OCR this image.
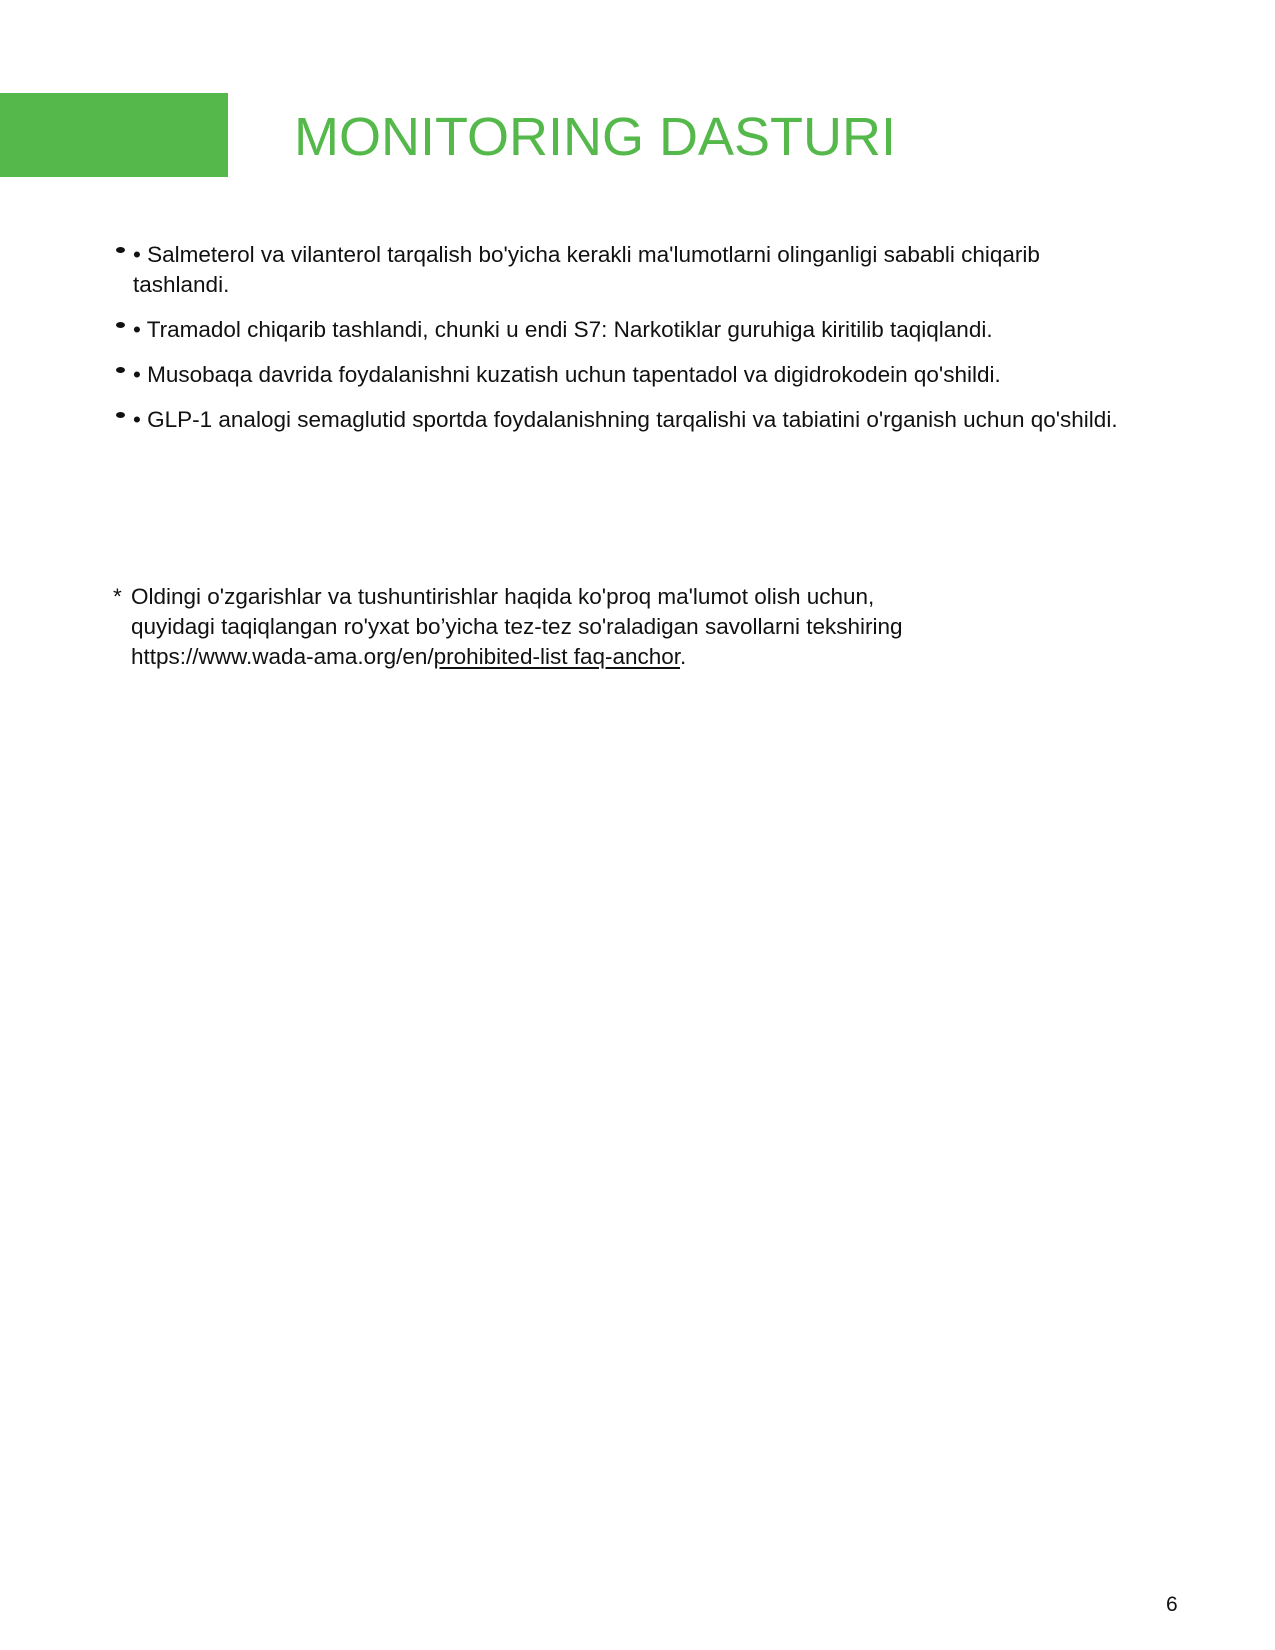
MONITORING DASTURI
• Salmeterol va vilanterol tarqalish bo'yicha kerakli ma'lumotlarni olinganligi sababli chiqarib tashlandi.
• Tramadol chiqarib tashlandi, chunki u endi S7: Narkotiklar guruhiga kiritilib taqiqlandi.
• Musobaqa davrida foydalanishni kuzatish uchun tapentadol va digidrokodein qo'shildi.
• GLP-1 analogi semaglutid sportda foydalanishning tarqalishi va tabiatini o'rganish uchun qo'shildi.
* Oldingi o'zgarishlar va tushuntirishlar haqida ko'proq ma'lumot olish uchun,
quyidagi taqiqlangan ro'yxat bo’yicha tez-tez so'raladigan savollarni tekshiring
https://www.wada-ama.org/en/prohibited-list faq-anchor.
6
